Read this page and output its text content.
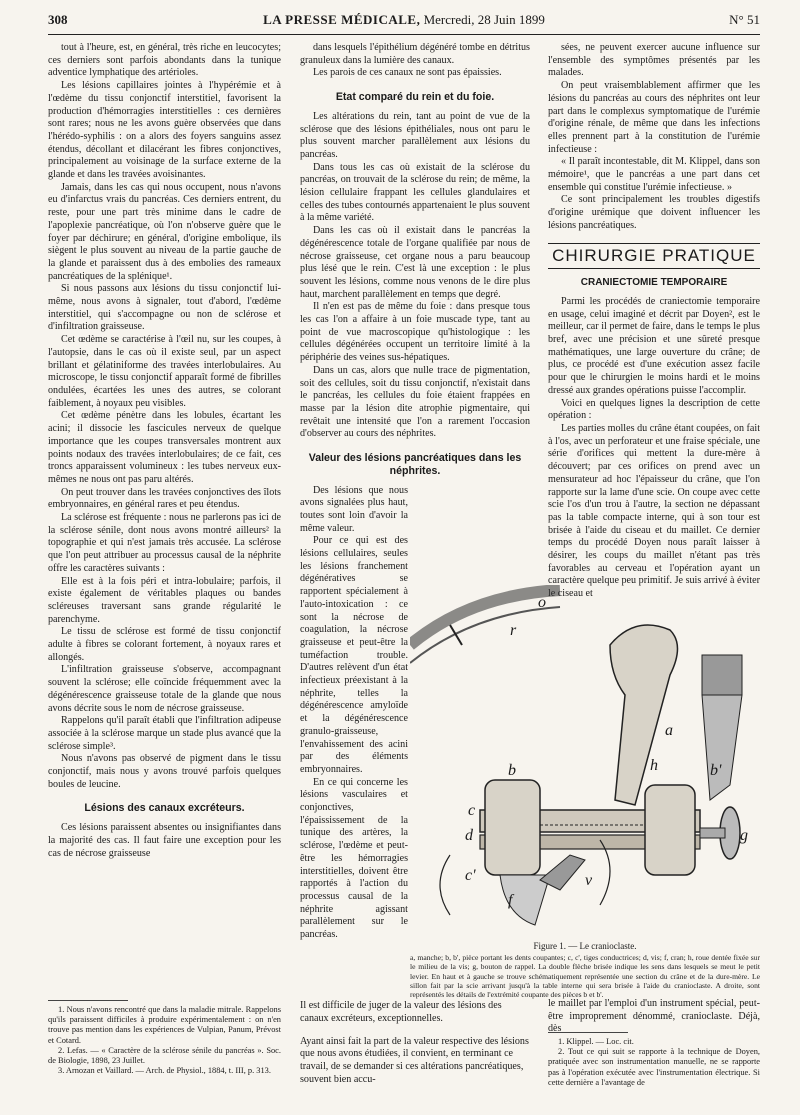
308	LA PRESSE MÉDICALE, Mercredi, 28 Juin 1899	N° 51

tout à l'heure, est, en général, très riche en leucocytes; ces derniers sont parfois abondants dans la tunique adventice lymphatique des artérioles.

Les lésions capillaires jointes à l'hypérémie et à l'œdème du tissu conjonctif interstitiel, favorisent la production d'hémorragies interstitielles : ces dernières sont rares; nous ne les avons guère observées que dans l'hérédo-syphilis : on a alors des foyers sanguins assez étendus, décollant et dilacérant les fibres conjonctives, principalement au voisinage de la surface externe de la glande et dans les travées avoisinantes.

Jamais, dans les cas qui nous occupent, nous n'avons eu d'infarctus vrais du pancréas. Ces derniers entrent, du reste, pour une part très minime dans le cadre de l'apoplexie pancréatique, où l'on n'observe guère que le foyer par déchirure; en général, d'origine embolique, ils siègent le plus souvent au niveau de la partie gauche de la glande et paraissent dus à des embolies des rameaux pancréatiques de la splénique¹.

Si nous passons aux lésions du tissu conjonctif lui-même, nous avons à signaler, tout d'abord, l'œdème interstitiel, qui s'accompagne ou non de sclérose et d'infiltration graisseuse.

Cet œdème se caractérise à l'œil nu, sur les coupes, à l'autopsie, dans le cas où il existe seul, par un aspect brillant et gélatiniforme des travées interlobulaires. Au microscope, le tissu conjonctif apparaît formé de fibrilles ondulées, écartées les unes des autres, se colorant faiblement, à noyaux peu visibles.

Cet œdème pénètre dans les lobules, écartant les acini; il dissocie les fascicules nerveux de quelque importance que les coupes transversales montrent aux points nodaux des travées interlobulaires; de ce fait, ces troncs apparaissent volumineux : les tubes nerveux eux-mêmes ne nous ont pas paru altérés.

On peut trouver dans les travées conjonctives des îlots embryonnaires, en général rares et peu étendus.

La sclérose est fréquente : nous ne parlerons pas ici de la sclérose sénile, dont nous avons montré ailleurs² la topographie et qui n'est jamais très accusée. La sclérose que l'on peut attribuer au processus causal de la néphrite offre les caractères suivants :

Elle est à la fois péri et intra-lobulaire; parfois, il existe également de véritables plaques ou bandes scléreuses traversant sans grande régularité le parenchyme.

Le tissu de sclérose est formé de tissu conjonctif adulte à fibres se colorant fortement, à noyaux rares et allongés.

L'infiltration graisseuse s'observe, accompagnant souvent la sclérose; elle coïncide fréquemment avec la dégénérescence graisseuse totale de la glande que nous avons décrite sous le nom de nécrose graisseuse.

Rappelons qu'il paraît établi que l'infiltration adipeuse associée à la sclérose marque un stade plus avancé que la sclérose simple³.

Nous n'avons pas observé de pigment dans le tissu conjonctif, mais nous y avons trouvé parfois quelques boules de leucine.

Lésions des canaux excréteurs.

Ces lésions paraissent absentes ou insignifiantes dans la majorité des cas. Il faut faire une exception pour les cas de nécrose graisseuse

1. Nous n'avons rencontré que dans la maladie mitrale. Rappelons qu'ils paraissent difficiles à produire expérimentalement : on n'en trouve pas mention dans les expériences de Vulpian, Panum, Prévost et Cotard.

2. Lefas. — « Caractère de la sclérose sénile du pancréas ». Soc. de Biologie, 1898, 23 Juillet.

3. Arnozan et Vaillard. — Arch. de Physiol., 1884, t. III, p. 313.

dans lesquels l'épithélium dégénéré tombe en détritus granuleux dans la lumière des canaux.

Les parois de ces canaux ne sont pas épaissies.

Etat comparé du rein et du foie.

Les altérations du rein, tant au point de vue de la sclérose que des lésions épithéliales, nous ont paru le plus souvent marcher parallèlement aux lésions du pancréas.

Dans tous les cas où existait de la sclérose du pancréas, on trouvait de la sclérose du rein; de même, la lésion cellulaire frappant les cellules glandulaires et celles des tubes contournés appartenaient le plus souvent à la même variété.

Dans les cas où il existait dans le pancréas la dégénérescence totale de l'organe qualifiée par nous de nécrose graisseuse, cet organe nous a paru beaucoup plus lésé que le rein. C'est là une exception : le plus souvent les lésions, comme nous venons de le dire plus haut, marchent parallèlement en temps que degré.

Il n'en est pas de même du foie : dans presque tous les cas l'on a affaire à un foie muscade type, tant au point de vue macroscopique qu'histologique : les cellules dégénérées occupent un territoire limité à la périphérie des veines sus-hépatiques.

Dans un cas, alors que nulle trace de pigmentation, soit des cellules, soit du tissu conjonctif, n'existait dans le pancréas, les cellules du foie étaient frappées en masse par la lésion dite atrophie pigmentaire, qui revêtait une intensité que l'on a rarement l'occasion d'observer au cours des néphrites.

Valeur des lésions pancréatiques dans les néphrites.

Des lésions que nous avons signalées plus haut, toutes sont loin d'avoir la même valeur.

Pour ce qui est des lésions cellulaires, seules les lésions franchement dégénératives se rapportent spécialement à l'auto-intoxication : ce sont la nécrose de coagulation, la nécrose graisseuse et peut-être la tuméfaction trouble. D'autres relèvent d'un état infectieux préexistant à la néphrite, telles la dégénérescence amyloïde et la dégénérescence granulo-graisseuse, l'envahissement des acini par des éléments embryonnaires.

En ce qui concerne les lésions vasculaires et conjonctives, l'épaississement de la tunique des artères, la sclérose, l'œdème et peut-être les hémorragies interstitielles, doivent être rapportés à l'action du processus causal de la néphrite agissant parallèlement sur le pancréas.

sées, ne peuvent exercer aucune influence sur l'ensemble des symptômes présentés par les malades.

On peut vraisemblablement affirmer que les lésions du pancréas au cours des néphrites ont leur part dans le complexus symptomatique de l'urémie d'origine rénale, de même que dans les infections elles prennent part à la constitution de l'urémie infectieuse :

« Il paraît incontestable, dit M. Klippel, dans son mémoire¹, que le pancréas a une part dans cet ensemble qui constitue l'urémie infectieuse. »

Ce sont principalement les troubles digestifs d'origine urémique que doivent influencer les lésions pancréatiques.

CHIRURGIE PRATIQUE
CRANIECTOMIE TEMPORAIRE

Parmi les procédés de craniectomie temporaire en usage, celui imaginé et décrit par Doyen², est le meilleur, car il permet de faire, dans le temps le plus bref, avec une précision et une sûreté presque mathématiques, une large ouverture du crâne; de plus, ce procédé est d'une exécution assez facile pour que le chirurgien le moins hardi et le moins dressé aux grandes opérations puisse l'accomplir.

Voici en quelques lignes la description de cette opération :

Les parties molles du crâne étant coupées, on fait à l'os, avec un perforateur et une fraise spéciale, une série d'orifices qui mettent la dure-mère à découvert; par ces orifices on prend avec un mensurateur ad hoc l'épaisseur du crâne, que l'on rapporte sur la lame d'une scie. On coupe avec cette scie l'os d'un trou à l'autre, la section ne dépassant pas la table compacte interne, qui à son tour est brisée à l'aide du ciseau et du maillet. Ce dernier temps du procédé Doyen nous paraît laisser à désirer, les coups du maillet n'étant pas très favorables au cerveau et l'opération ayant un caractère quelque peu primitif. Je suis arrivé à éviter le ciseau et

o
r
a
b	h	b'
c
d
c'
f
g
v
Figure 1. — Le cranioclaste.
a, manche; b, b', pièce portant les dents coupantes; c, c', tiges conductrices; d, vis; f, cran; h, roue dentée fixée sur le milieu de la vis; g, bouton de rappel. La double flèche brisée indique les sens dans lesquels se meut le petit levier. En haut et à gauche se trouve schématiquement représentée une section du crâne et de la dure-mère. Le sillon fait par la scie arrivant jusqu'à la table interne qui sera brisée à l'aide du cranioclaste. A droite, sont représentés les détails de l'extrémité coupante des pièces b et b'.

Il est difficile de juger de la valeur des lésions des canaux excréteurs, exceptionnelles.

Ayant ainsi fait la part de la valeur respective des lésions que nous avons étudiées, il convient, en terminant ce travail, de se demander si ces altérations pancréatiques, souvent bien accu-

le maillet par l'emploi d'un instrument spécial, peut-être improprement dénommé, cranioclaste. Déjà, dès

1. Klippel. — Loc. cit.

2. Tout ce qui suit se rapporte à la technique de Doyen, pratiquée avec son instrumentation manuelle, ne se rapporte pas à l'opération exécutée avec l'instrumentation électrique. Si cette dernière a l'avantage de
